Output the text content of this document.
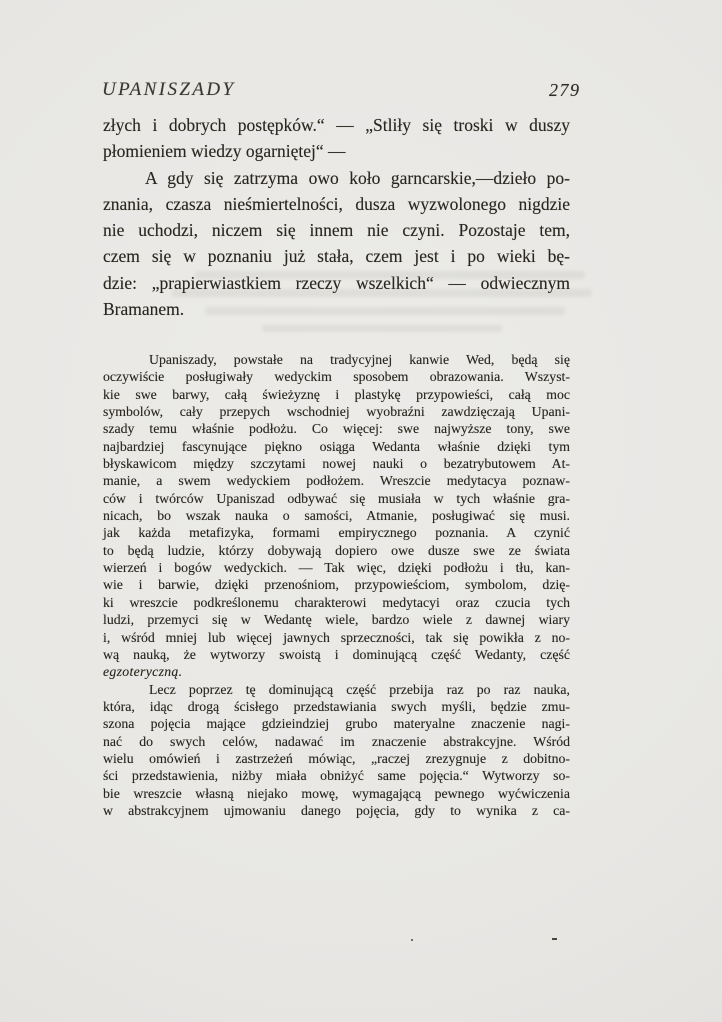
UPANISZADY	279
złych i dobrych postępków.“ — „Stliły się troski w duszy
płomieniem wiedzy ogarniętej“ —
A gdy się zatrzyma owo koło garncarskie,—dzieło po-
znania, czasza nieśmiertelności, dusza wyzwolonego nigdzie
nie uchodzi, niczem się innem nie czyni. Pozostaje tem,
czem się w poznaniu już stała, czem jest i po wieki bę-
dzie: „prapierwiastkiem rzeczy wszelkich“ — odwiecznym
Bramanem.
Upaniszady, powstałe na tradycyjnej kanwie Wed, będą się
oczywiście posługiwały wedyckim sposobem obrazowania. Wszyst-
kie swe barwy, całą świeżyznę i plastykę przypowieści, całą moc
symbolów, cały przepych wschodniej wyobraźni zawdzięczają Upani-
szady temu właśnie podłożu. Co więcej: swe najwyższe tony, swe
najbardziej fascynujące piękno osiąga Wedanta właśnie dzięki tym
błyskawicom między szczytami nowej nauki o bezatrybutowem At-
manie, a swem wedyckiem podłożem. Wreszcie medytacya poznaw-
ców i twórców Upaniszad odbywać się musiała w tych właśnie gra-
nicach, bo wszak nauka o samości, Atmanie, posługiwać się musi.
jak każda metafizyka, formami empirycznego poznania. A czynić
to będą ludzie, którzy dobywają dopiero owe dusze swe ze świata
wierzeń i bogów wedyckich. — Tak więc, dzięki podłożu i tłu, kan-
wie i barwie, dzięki przenośniom, przypowieściom, symbolom, dzię-
ki wreszcie podkreślonemu charakterowi medytacyi oraz czucia tych
ludzi, przemyci się w Wedantę wiele, bardzo wiele z dawnej wiary
i, wśród mniej lub więcej jawnych sprzeczności, tak się powikła z no-
wą nauką, że wytworzy swoistą i dominującą część Wedanty, część
egzoteryczną.
Lecz poprzez tę dominującą część przebija raz po raz nauka,
która, idąc drogą ścisłego przedstawiania swych myśli, będzie zmu-
szona pojęcia mające gdzieindziej grubo materyalne znaczenie nagi-
nać do swych celów, nadawać im znaczenie abstrakcyjne. Wśród
wielu omówień i zastrzeżeń mówiąc, „raczej zrezygnuje z dobitno-
ści przedstawienia, niżby miała obniżyć same pojęcia.“ Wytworzy so-
bie wreszcie własną niejako mowę, wymagającą pewnego wyćwiczenia
w abstrakcyjnem ujmowaniu danego pojęcia, gdy to wynika z ca-
